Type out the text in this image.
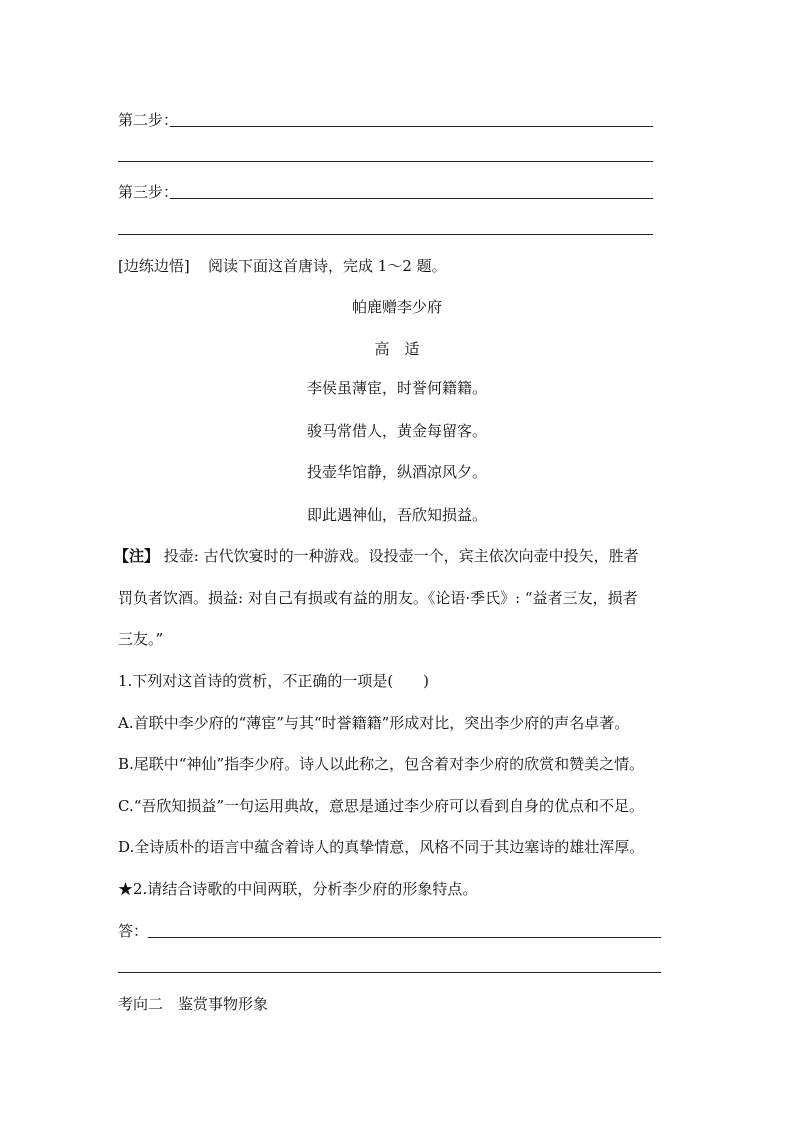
第二步：
第三步：
[边练边悟] 阅读下面这首唐诗，完成 1～2 题。
帕鹿赠李少府
高　适
李侯虽薄宦，时誉何籍籍。
骏马常借人，黄金每留客。
投壶华馆静，纵酒凉风夕。
即此遇神仙，吾欣知损益。
【注】 投壶: 古代饮宴时的一种游戏。设投壶一个，宾主依次向壶中投矢，胜者
罚负者饮酒。损益: 对自己有损或有益的朋友。《论语·季氏》: “益者三友，损者
三友。”
1.下列对这首诗的赏析，不正确的一项是(　　)
A.首联中李少府的“薄宦”与其“时誉籍籍”形成对比，突出李少府的声名卓著。
B.尾联中“神仙”指李少府。诗人以此称之，包含着对李少府的欣赏和赞美之情。
C.“吾欣知损益”一句运用典故，意思是通过李少府可以看到自身的优点和不足。
D.全诗质朴的语言中蕴含着诗人的真挚情意，风格不同于其边塞诗的雄壮浑厚。
★2.请结合诗歌的中间两联，分析李少府的形象特点。
答：
考向二　鉴赏事物形象
